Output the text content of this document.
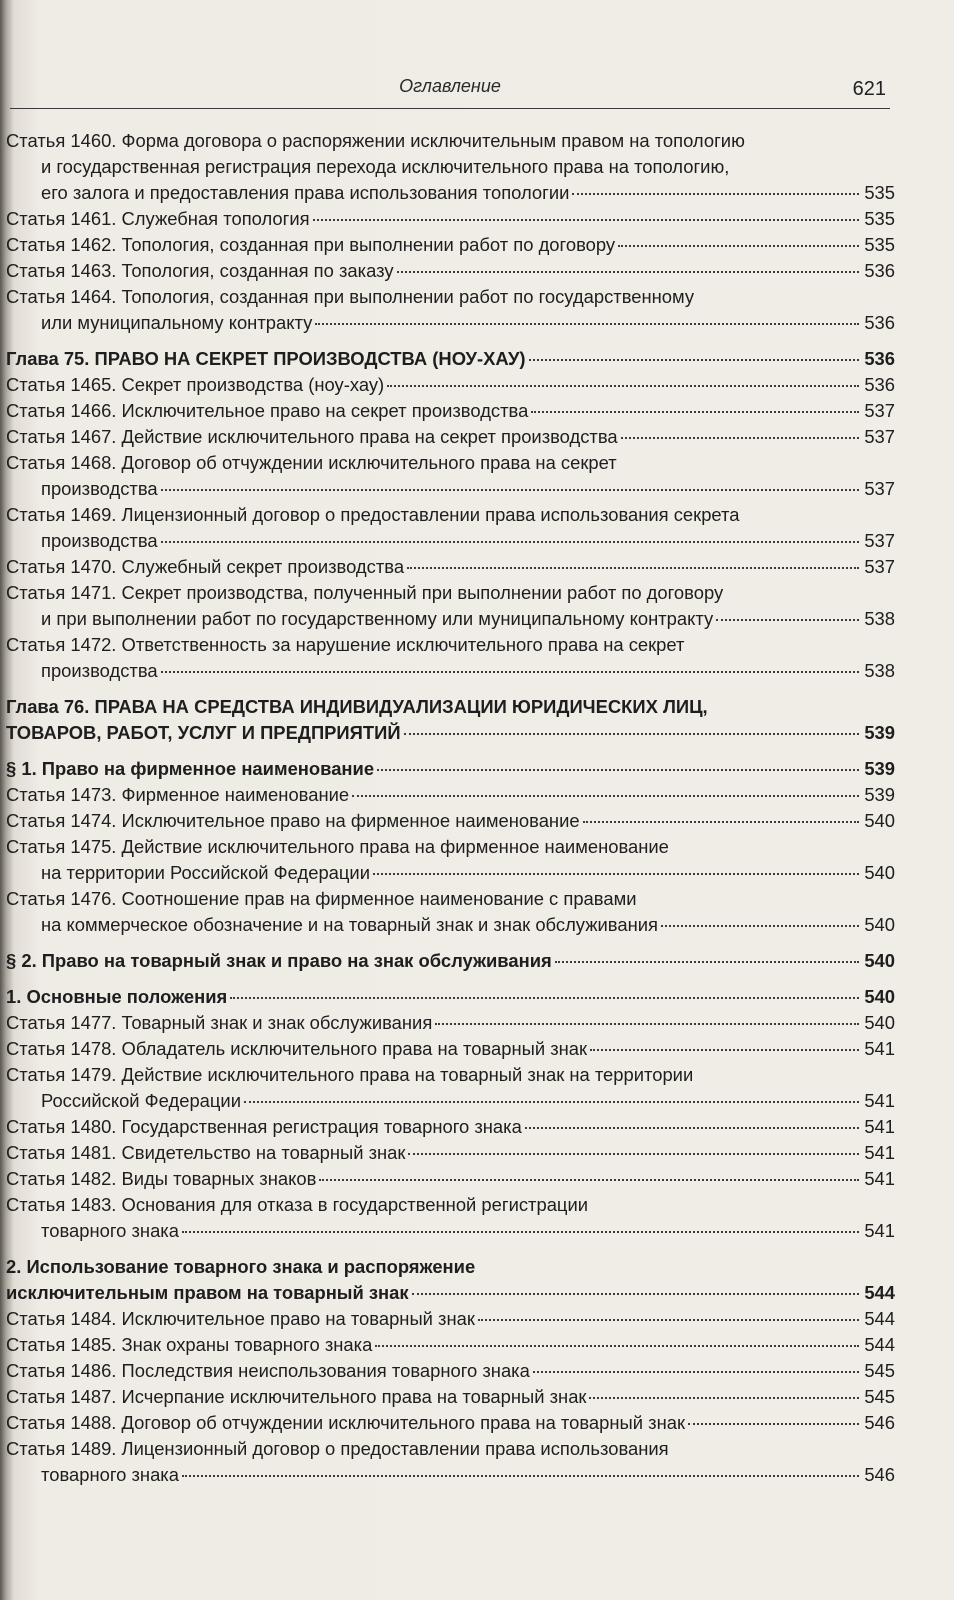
Оглавление	621
Статья 1460. Форма договора о распоряжении исключительным правом на топологию
и государственная регистрация перехода исключительного права на топологию,
его залога и предоставления права использования топологии	535
Статья 1461. Служебная топология	535
Статья 1462. Топология, созданная при выполнении работ по договору	535
Статья 1463. Топология, созданная по заказу	536
Статья 1464. Топология, созданная при выполнении работ по государственному
или муниципальному контракту	536
Глава 75. ПРАВО НА СЕКРЕТ ПРОИЗВОДСТВА (НОУ-ХАУ)	536
Статья 1465. Секрет производства (ноу-хау)	536
Статья 1466. Исключительное право на секрет производства	537
Статья 1467. Действие исключительного права на секрет производства	537
Статья 1468. Договор об отчуждении исключительного права на секрет
производства	537
Статья 1469. Лицензионный договор о предоставлении права использования секрета
производства	537
Статья 1470. Служебный секрет производства	537
Статья 1471. Секрет производства, полученный при выполнении работ по договору
и при выполнении работ по государственному или муниципальному контракту	538
Статья 1472. Ответственность за нарушение исключительного права на секрет
производства	538
Глава 76. ПРАВА НА СРЕДСТВА ИНДИВИДУАЛИЗАЦИИ ЮРИДИЧЕСКИХ ЛИЦ,
ТОВАРОВ, РАБОТ, УСЛУГ И ПРЕДПРИЯТИЙ	539
§ 1. Право на фирменное наименование	539
Статья 1473. Фирменное наименование	539
Статья 1474. Исключительное право на фирменное наименование	540
Статья 1475. Действие исключительного права на фирменное наименование
на территории Российской Федерации	540
Статья 1476. Соотношение прав на фирменное наименование с правами
на коммерческое обозначение и на товарный знак и знак обслуживания	540
§ 2. Право на товарный знак и право на знак обслуживания	540
1. Основные положения	540
Статья 1477. Товарный знак и знак обслуживания	540
Статья 1478. Обладатель исключительного права на товарный знак	541
Статья 1479. Действие исключительного права на товарный знак на территории
Российской Федерации	541
Статья 1480. Государственная регистрация товарного знака	541
Статья 1481. Свидетельство на товарный знак	541
Статья 1482. Виды товарных знаков	541
Статья 1483. Основания для отказа в государственной регистрации
товарного знака	541
2. Использование товарного знака и распоряжение
исключительным правом на товарный знак	544
Статья 1484. Исключительное право на товарный знак	544
Статья 1485. Знак охраны товарного знака	544
Статья 1486. Последствия неиспользования товарного знака	545
Статья 1487. Исчерпание исключительного права на товарный знак	545
Статья 1488. Договор об отчуждении исключительного права на товарный знак	546
Статья 1489. Лицензионный договор о предоставлении права использования
товарного знака	546
